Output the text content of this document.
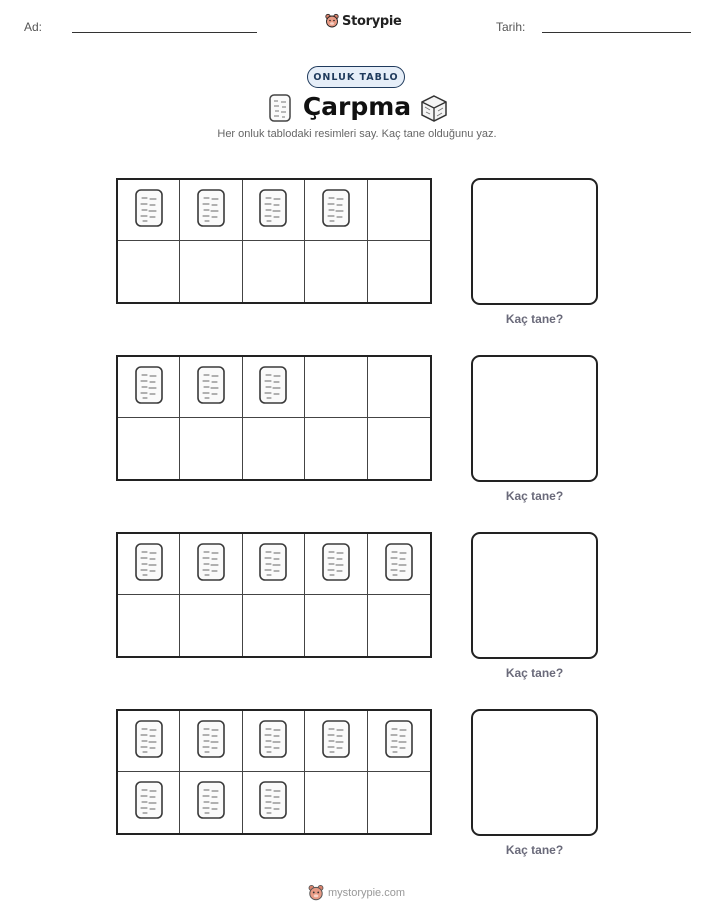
Ad:	Storypie	Tarih:
ONLUK TABLO
Çarpma
Her onluk tablodaki resimleri say. Kaç tane olduğunu yaz.
Kaç tane?
Kaç tane?
Kaç tane?
Kaç tane?
mystorypie.com
